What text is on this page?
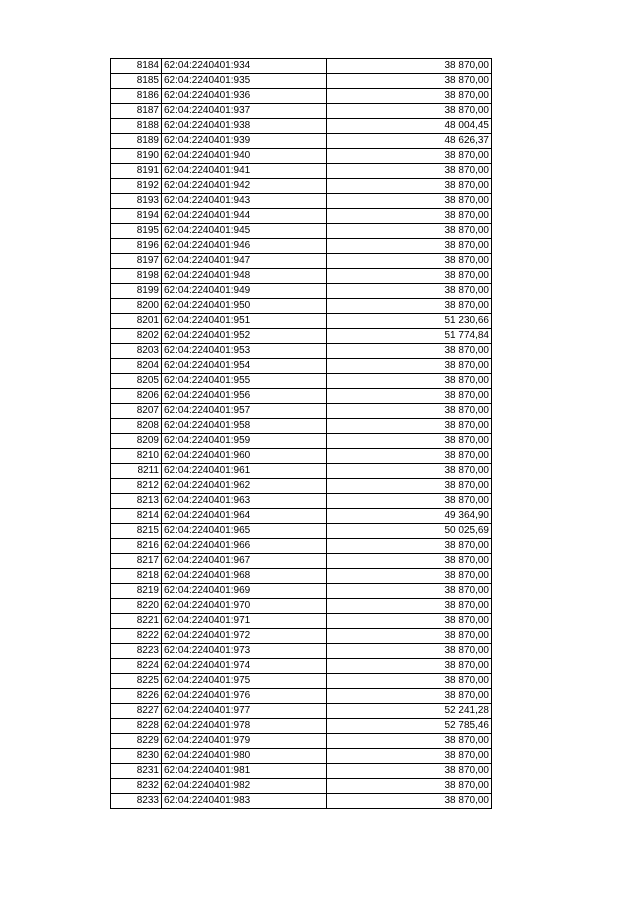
8184	62:04:2240401:934	38 870,00
8185	62:04:2240401:935	38 870,00
8186	62:04:2240401:936	38 870,00
8187	62:04:2240401:937	38 870,00
8188	62:04:2240401:938	48 004,45
8189	62:04:2240401:939	48 626,37
8190	62:04:2240401:940	38 870,00
8191	62:04:2240401:941	38 870,00
8192	62:04:2240401:942	38 870,00
8193	62:04:2240401:943	38 870,00
8194	62:04:2240401:944	38 870,00
8195	62:04:2240401:945	38 870,00
8196	62:04:2240401:946	38 870,00
8197	62:04:2240401:947	38 870,00
8198	62:04:2240401:948	38 870,00
8199	62:04:2240401:949	38 870,00
8200	62:04:2240401:950	38 870,00
8201	62:04:2240401:951	51 230,66
8202	62:04:2240401:952	51 774,84
8203	62:04:2240401:953	38 870,00
8204	62:04:2240401:954	38 870,00
8205	62:04:2240401:955	38 870,00
8206	62:04:2240401:956	38 870,00
8207	62:04:2240401:957	38 870,00
8208	62:04:2240401:958	38 870,00
8209	62:04:2240401:959	38 870,00
8210	62:04:2240401:960	38 870,00
8211	62:04:2240401:961	38 870,00
8212	62:04:2240401:962	38 870,00
8213	62:04:2240401:963	38 870,00
8214	62:04:2240401:964	49 364,90
8215	62:04:2240401:965	50 025,69
8216	62:04:2240401:966	38 870,00
8217	62:04:2240401:967	38 870,00
8218	62:04:2240401:968	38 870,00
8219	62:04:2240401:969	38 870,00
8220	62:04:2240401:970	38 870,00
8221	62:04:2240401:971	38 870,00
8222	62:04:2240401:972	38 870,00
8223	62:04:2240401:973	38 870,00
8224	62:04:2240401:974	38 870,00
8225	62:04:2240401:975	38 870,00
8226	62:04:2240401:976	38 870,00
8227	62:04:2240401:977	52 241,28
8228	62:04:2240401:978	52 785,46
8229	62:04:2240401:979	38 870,00
8230	62:04:2240401:980	38 870,00
8231	62:04:2240401:981	38 870,00
8232	62:04:2240401:982	38 870,00
8233	62:04:2240401:983	38 870,00
